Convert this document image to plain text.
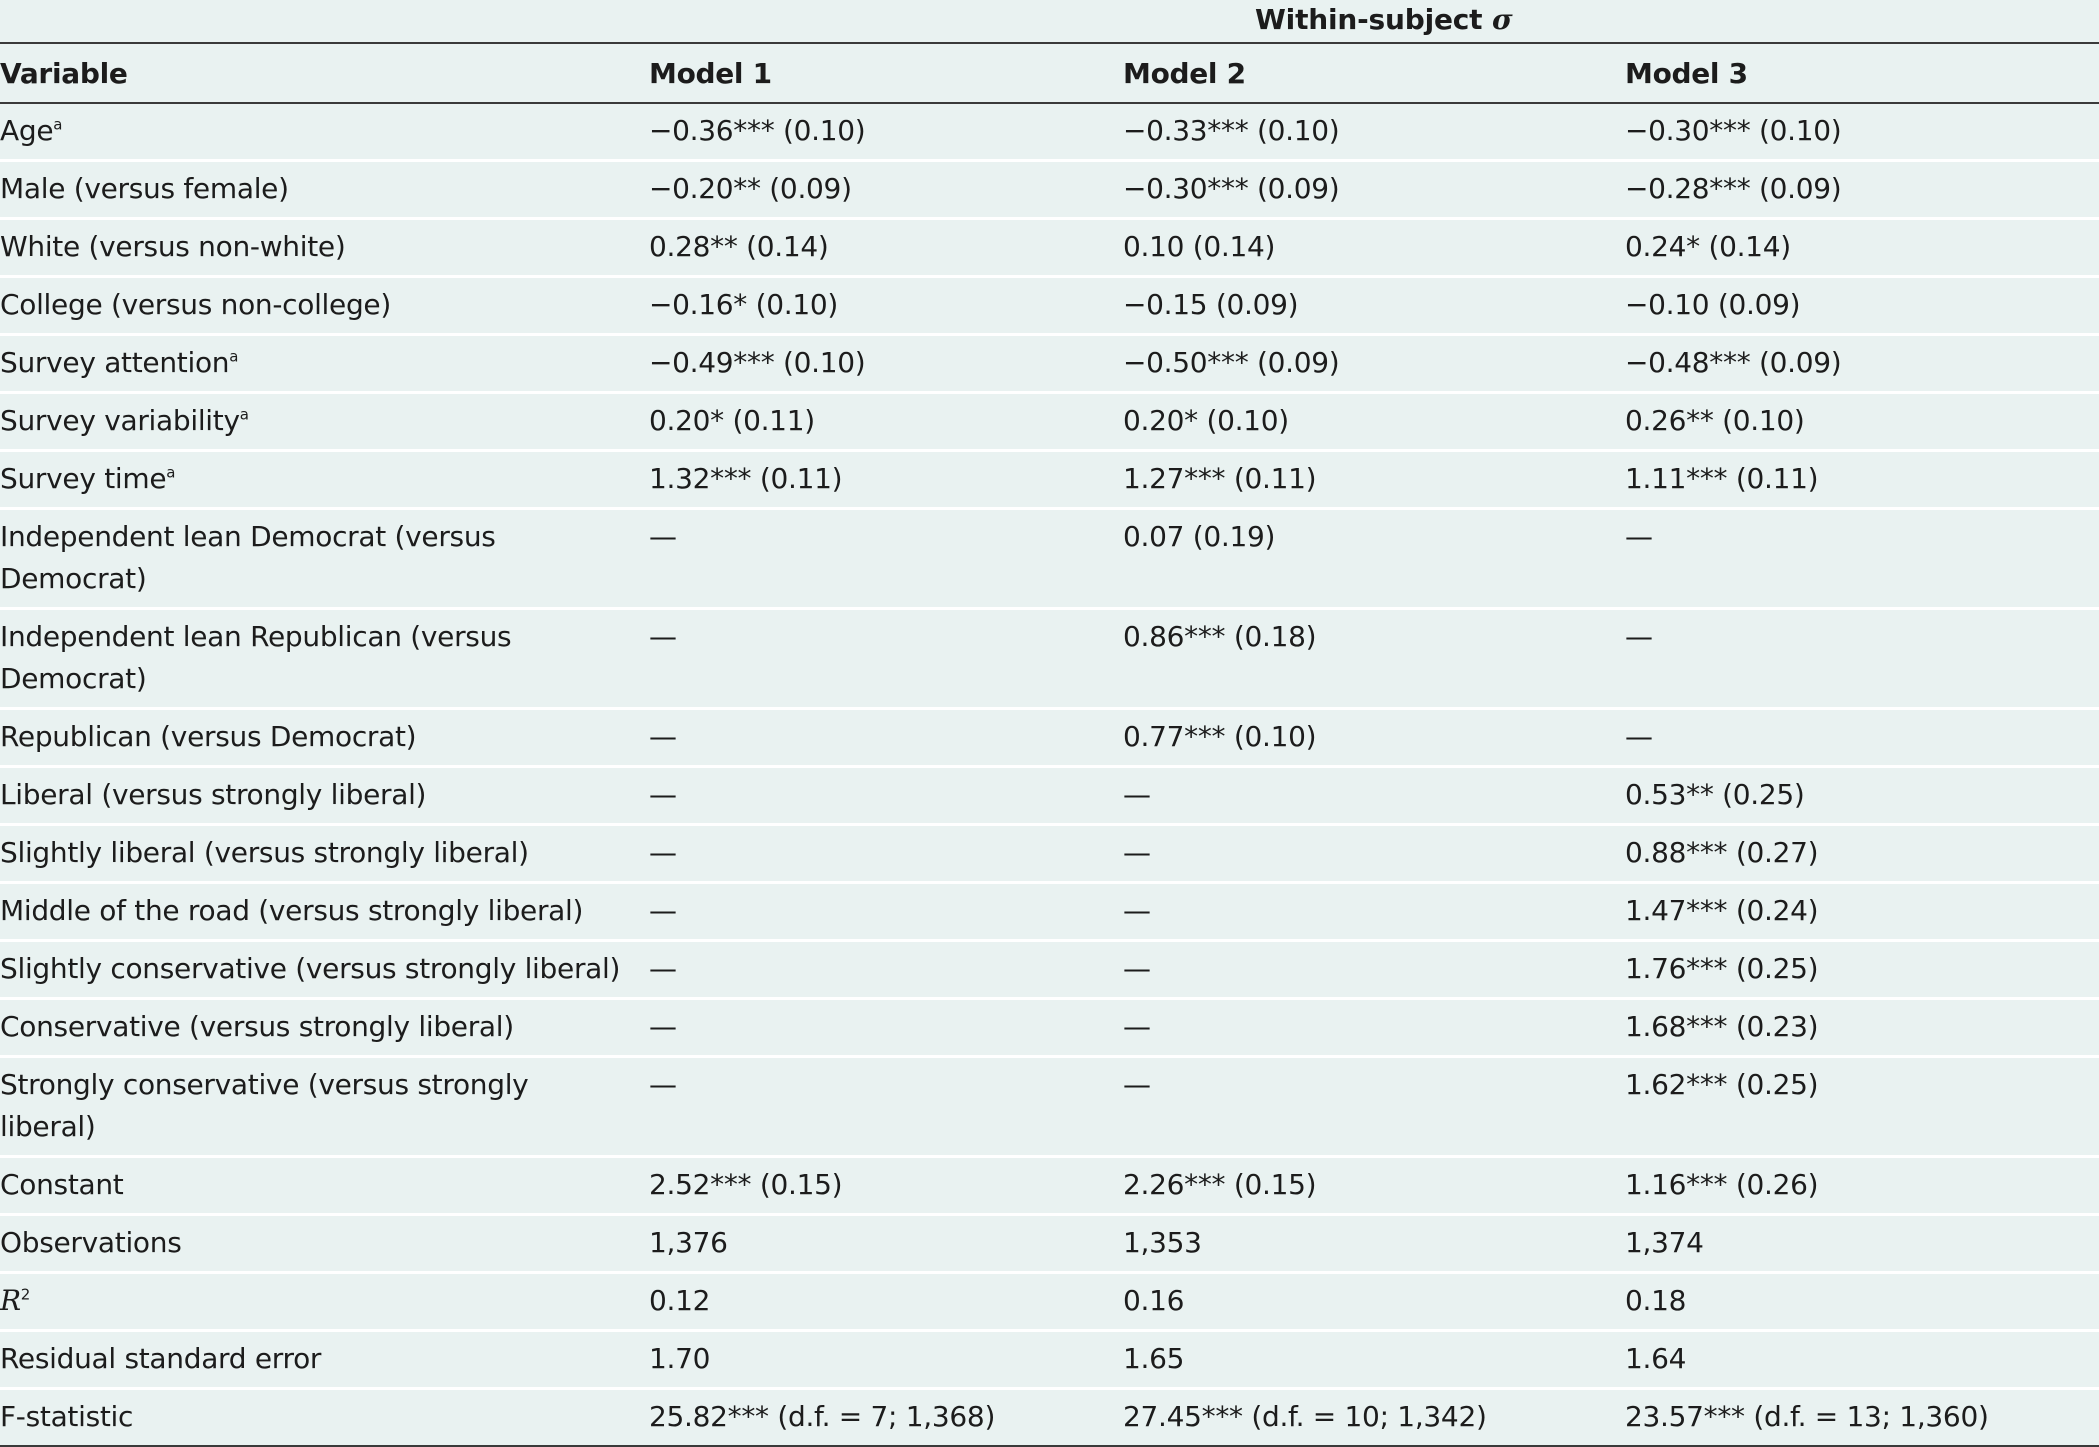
Within-subject σ
Variable	Model 1	Model 2	Model 3
Age$^a$	−0.36*** (0.10)	−0.33*** (0.10)	−0.30*** (0.10)
Male (versus female)	−0.20** (0.09)	−0.30*** (0.09)	−0.28*** (0.09)
White (versus non-white)	0.28** (0.14)	0.10 (0.14)	0.24* (0.14)
College (versus non-college)	−0.16* (0.10)	−0.15 (0.09)	−0.10 (0.09)
Survey attention$^a$	−0.49*** (0.10)	−0.50*** (0.09)	−0.48*** (0.09)
Survey variability$^a$	0.20* (0.11)	0.20* (0.10)	0.26** (0.10)
Survey time$^a$	1.32*** (0.11)	1.27*** (0.11)	1.11*** (0.11)
Independent lean Democrat (versus Democrat)	—	0.07 (0.19)	—
Independent lean Republican (versus Democrat)	—	0.86*** (0.18)	—
Republican (versus Democrat)	—	0.77*** (0.10)	—
Liberal (versus strongly liberal)	—	—	0.53** (0.25)
Slightly liberal (versus strongly liberal)	—	—	0.88*** (0.27)
Middle of the road (versus strongly liberal)	—	—	1.47*** (0.24)
Slightly conservative (versus strongly liberal)	—	—	1.76*** (0.25)
Conservative (versus strongly liberal)	—	—	1.68*** (0.23)
Strongly conservative (versus strongly liberal)	—	—	1.62*** (0.25)
Constant	2.52*** (0.15)	2.26*** (0.15)	1.16*** (0.26)
Observations	1,376	1,353	1,374
$R^2$	0.12	0.16	0.18
Residual standard error	1.70	1.65	1.64
F-statistic	25.82*** (d.f. = 7; 1,368)	27.45*** (d.f. = 10; 1,342)	23.57*** (d.f. = 13; 1,360)
